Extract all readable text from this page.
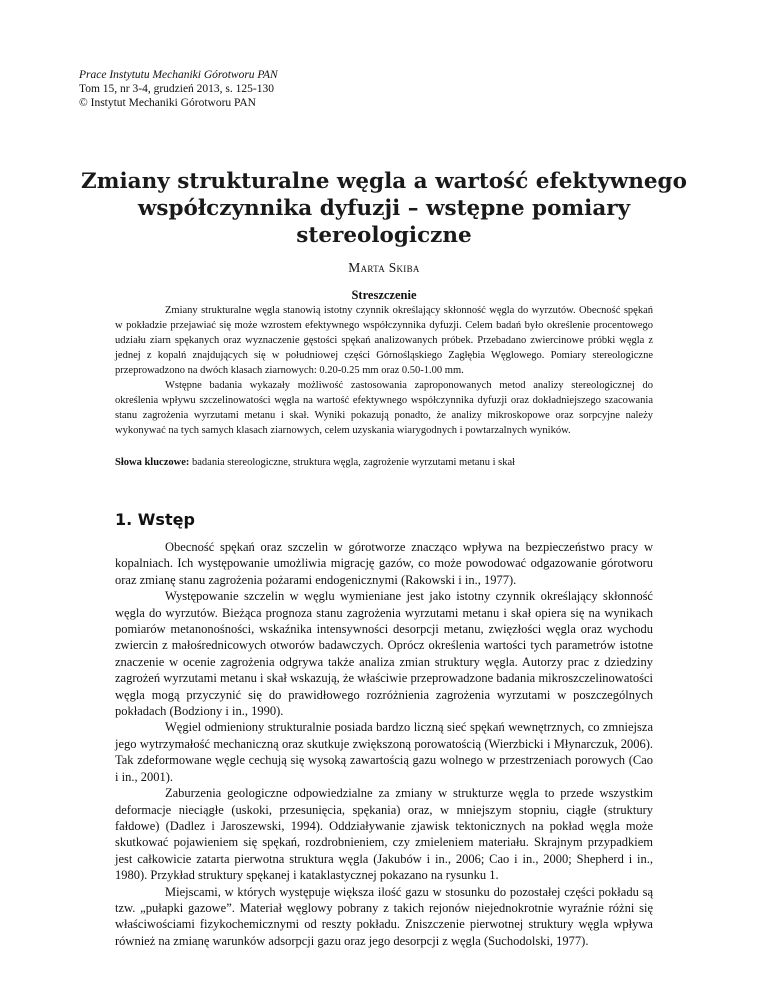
Prace Instytutu Mechaniki Górotworu PAN
Tom 15, nr 3-4, grudzień 2013, s. 125-130
© Instytut Mechaniki Górotworu PAN
Zmiany strukturalne węgla a wartość efektywnego
współczynnika dyfuzji – wstępne pomiary stereologiczne
Marta Skiba
Streszczenie

Zmiany strukturalne węgla stanowią istotny czynnik określający skłonność węgla do wyrzutów. Obecność spękań w pokładzie przejawiać się może wzrostem efektywnego współczynnika dyfuzji. Celem badań było określenie procentowego udziału ziarn spękanych oraz wyznaczenie gęstości spękań analizowanych próbek. Przebadano zwiercinowe próbki węgla z jednej z kopalń znajdujących się w południowej części Górnośląskiego Zagłębia Węglowego. Pomiary stereologiczne przeprowadzono na dwóch klasach ziarnowych: 0.20-0.25 mm oraz 0.50-1.00 mm.

Wstępne badania wykazały możliwość zastosowania zaproponowanych metod analizy stereologicznej do określenia wpływu szczelinowatości węgla na wartość efektywnego współczynnika dyfuzji oraz dokładniejszego szacowania stanu zagrożenia wyrzutami metanu i skał. Wyniki pokazują ponadto, że analizy mikroskopowe oraz sorpcyjne należy wykonywać na tych samych klasach ziarnowych, celem uzyskania wiarygodnych i powtarzalnych wyników.

Słowa kluczowe: badania stereologiczne, struktura węgla, zagrożenie wyrzutami metanu i skał
1. Wstęp

Obecność spękań oraz szczelin w górotworze znacząco wpływa na bezpieczeństwo pracy w kopalniach. Ich występowanie umożliwia migrację gazów, co może powodować odgazowanie górotworu oraz zmianę stanu zagrożenia pożarami endogenicznymi (Rakowski i in., 1977).

Występowanie szczelin w węglu wymieniane jest jako istotny czynnik określający skłonność węgla do wyrzutów. Bieżąca prognoza stanu zagrożenia wyrzutami metanu i skał opiera się na wynikach pomiarów metanonośności, wskaźnika intensywności desorpcji metanu, zwięzłości węgla oraz wychodu zwiercin z małośrednicowych otworów badawczych. Oprócz określenia wartości tych parametrów istotne znaczenie w ocenie zagrożenia odgrywa także analiza zmian struktury węgla. Autorzy prac z dziedziny zagrożeń wyrzutami metanu i skał wskazują, że właściwie przeprowadzone badania mikroszczelinowatości węgla mogą przyczynić się do prawidłowego rozróżnienia zagrożenia wyrzutami w poszczególnych pokładach (Bodziony i in., 1990).

Węgiel odmieniony strukturalnie posiada bardzo liczną sieć spękań wewnętrznych, co zmniejsza jego wytrzymałość mechaniczną oraz skutkuje zwiększoną porowatością (Wierzbicki i Młynarczuk, 2006). Tak zdeformowane węgle cechują się wysoką zawartością gazu wolnego w przestrzeniach porowych (Cao i in., 2001).

Zaburzenia geologiczne odpowiedzialne za zmiany w strukturze węgla to przede wszystkim deformacje nieciągłe (uskoki, przesunięcia, spękania) oraz, w mniejszym stopniu, ciągłe (struktury fałdowe) (Dadlez i Jaroszewski, 1994). Oddziaływanie zjawisk tektonicznych na pokład węgla może skutkować pojawieniem się spękań, rozdrobnieniem, czy zmieleniem materiału. Skrajnym przypadkiem jest całkowicie zatarta pierwotna struktura węgla (Jakubów i in., 2006; Cao i in., 2000; Shepherd i in., 1980). Przykład struktury spękanej i kataklastycznej pokazano na rysunku 1.

Miejscami, w których występuje większa ilość gazu w stosunku do pozostałej części pokładu są tzw. „pułapki gazowe”. Materiał węglowy pobrany z takich rejonów niejednokrotnie wyraźnie różni się właściwościami fizykochemicznymi od reszty pokładu. Zniszczenie pierwotnej struktury węgla wpływa również na zmianę warunków adsorpcji gazu oraz jego desorpcji z węgla (Suchodolski, 1977).
